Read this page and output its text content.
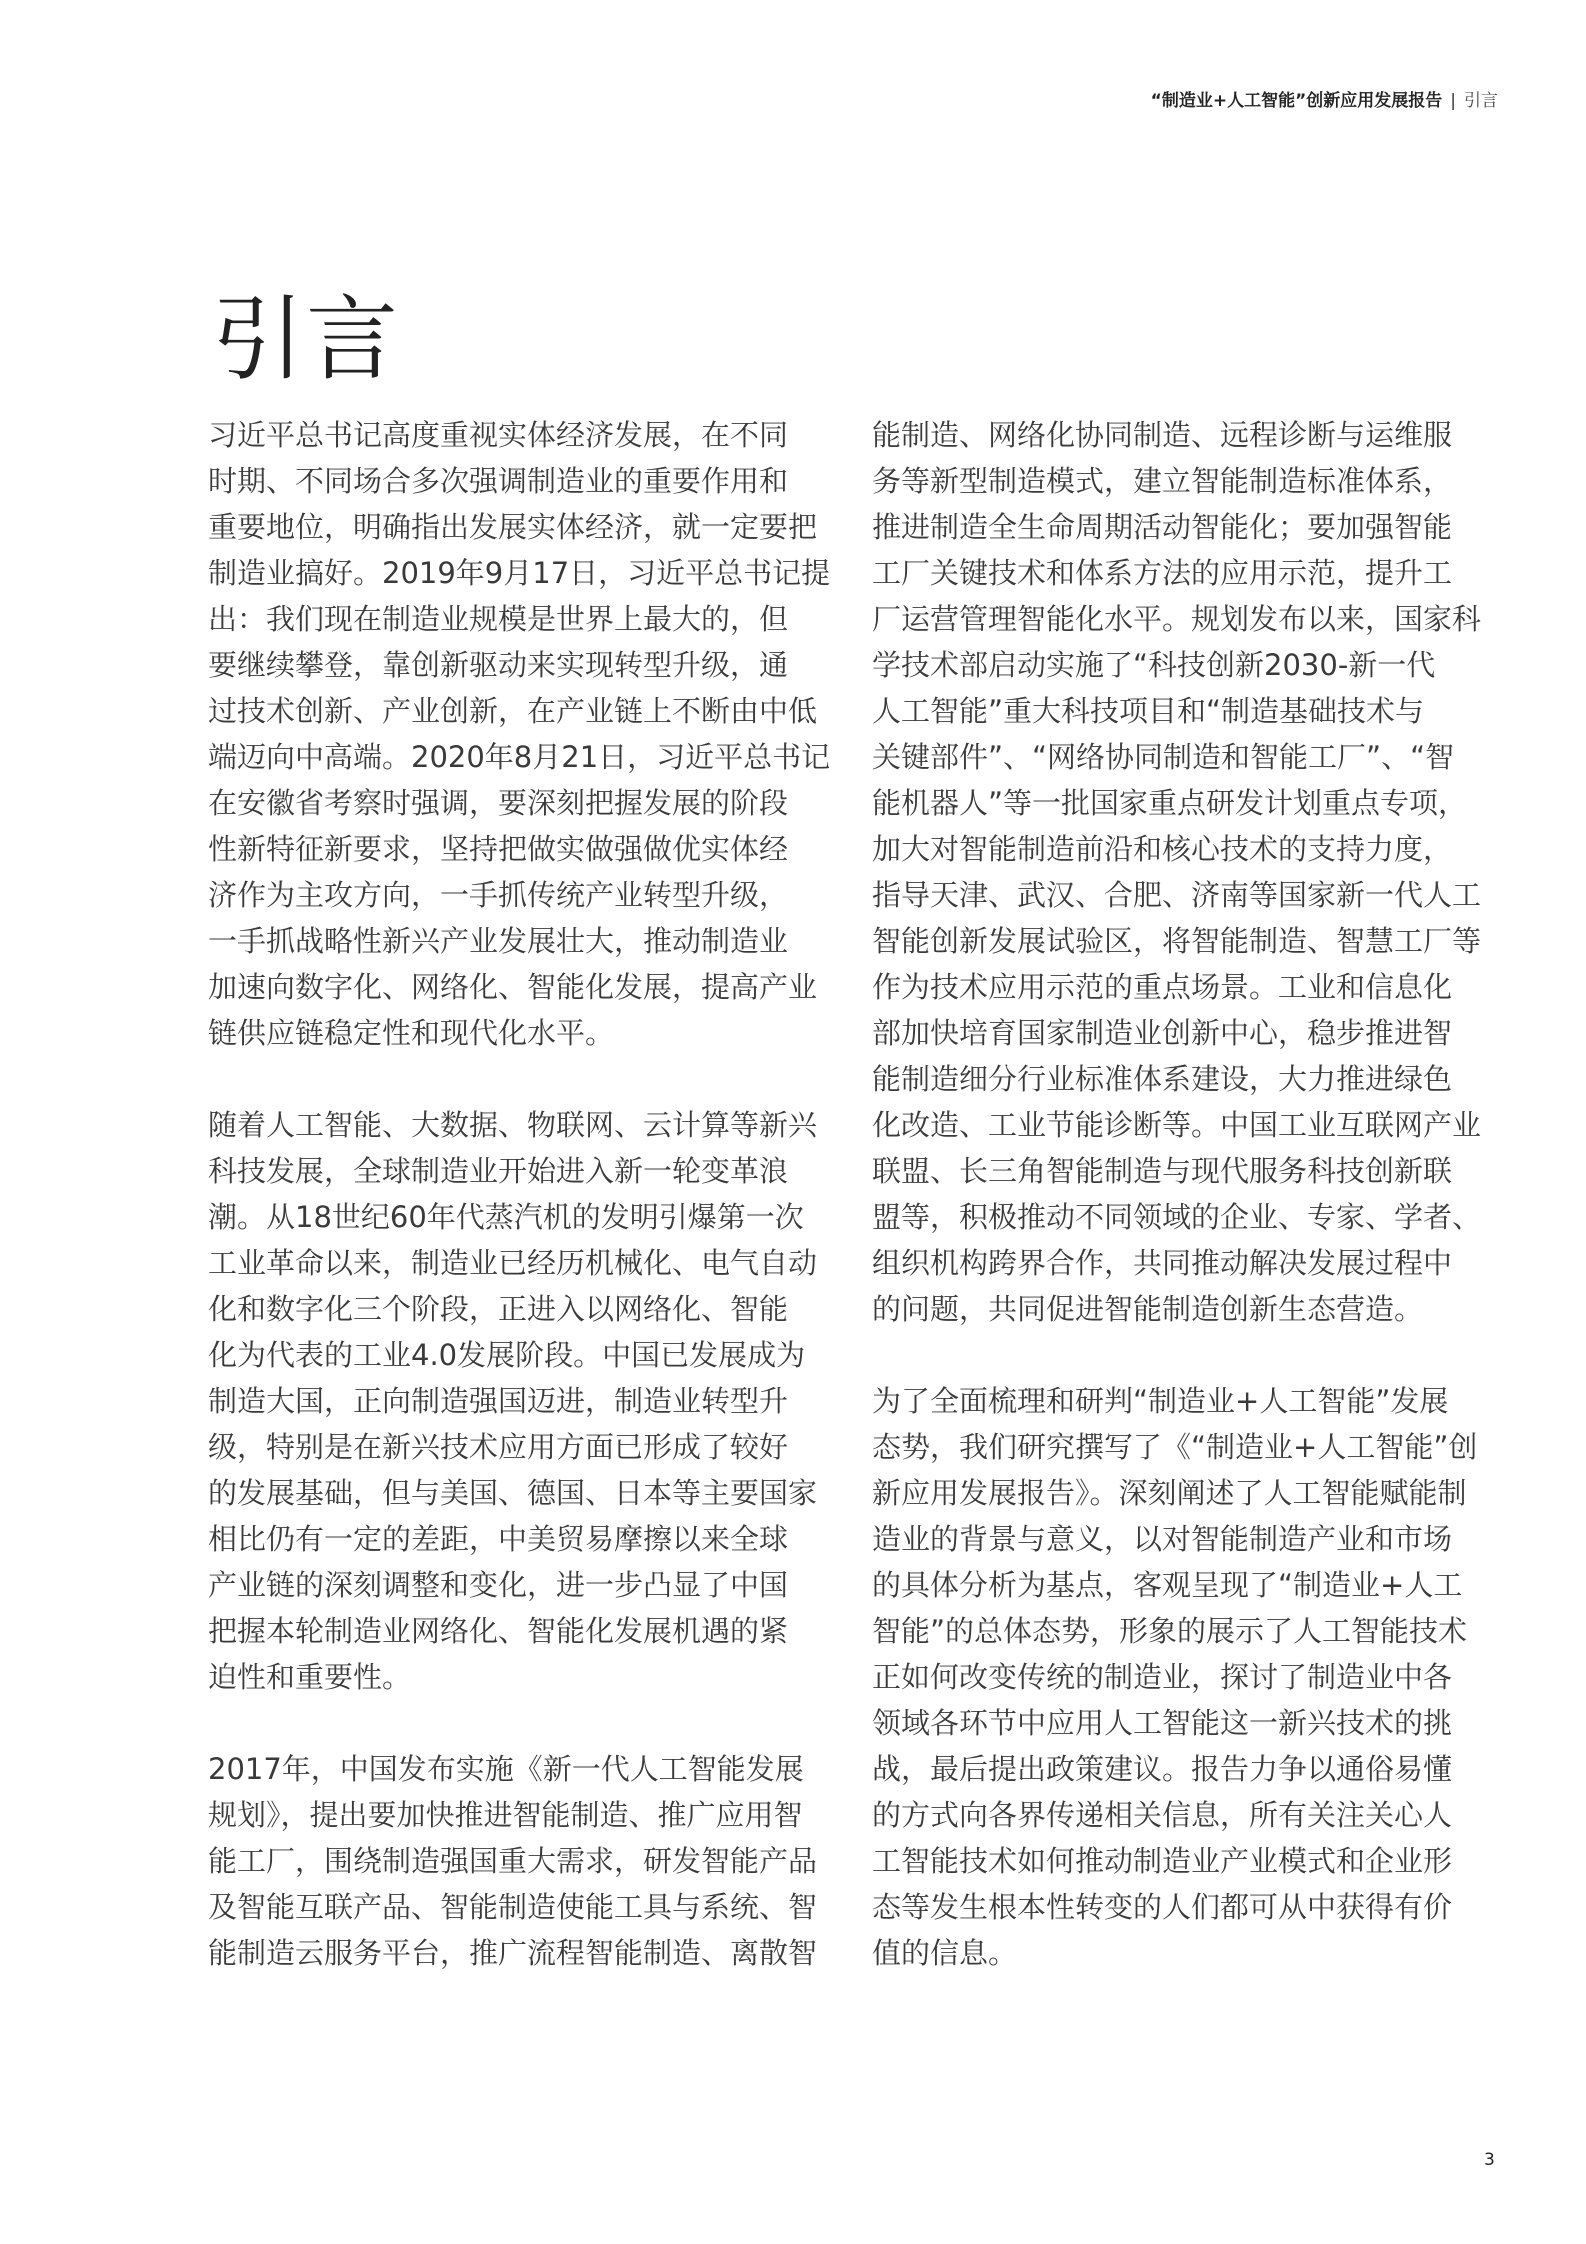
“制造业+人工智能”创新应用发展报告 | 引言
引言

习近平总书记高度重视实体经济发展，在不同
时期、不同场合多次强调制造业的重要作用和
重要地位，明确指出发展实体经济，就一定要把
制造业搞好。2019年9月17日，习近平总书记提
出：我们现在制造业规模是世界上最大的，但
要继续攀登，靠创新驱动来实现转型升级，通
过技术创新、产业创新，在产业链上不断由中低
端迈向中高端。2020年8月21日，习近平总书记
在安徽省考察时强调，要深刻把握发展的阶段
性新特征新要求，坚持把做实做强做优实体经
济作为主攻方向，一手抓传统产业转型升级，
一手抓战略性新兴产业发展壮大，推动制造业
加速向数字化、网络化、智能化发展，提高产业
链供应链稳定性和现代化水平。

随着人工智能、大数据、物联网、云计算等新兴
科技发展，全球制造业开始进入新一轮变革浪
潮。从18世纪60年代蒸汽机的发明引爆第一次
工业革命以来，制造业已经历机械化、电气自动
化和数字化三个阶段，正进入以网络化、智能
化为代表的工业4.0发展阶段。中国已发展成为
制造大国，正向制造强国迈进，制造业转型升
级，特别是在新兴技术应用方面已形成了较好
的发展基础，但与美国、德国、日本等主要国家
相比仍有一定的差距，中美贸易摩擦以来全球
产业链的深刻调整和变化，进一步凸显了中国
把握本轮制造业网络化、智能化发展机遇的紧
迫性和重要性。

2017年，中国发布实施《新一代人工智能发展
规划》，提出要加快推进智能制造、推广应用智
能工厂，围绕制造强国重大需求，研发智能产品
及智能互联产品、智能制造使能工具与系统、智
能制造云服务平台，推广流程智能制造、离散智

能制造、网络化协同制造、远程诊断与运维服
务等新型制造模式，建立智能制造标准体系，
推进制造全生命周期活动智能化；要加强智能
工厂关键技术和体系方法的应用示范，提升工
厂运营管理智能化水平。规划发布以来，国家科
学技术部启动实施了“科技创新2030-新一代
人工智能”重大科技项目和“制造基础技术与
关键部件”、“网络协同制造和智能工厂”、“智
能机器人”等一批国家重点研发计划重点专项，
加大对智能制造前沿和核心技术的支持力度，
指导天津、武汉、合肥、济南等国家新一代人工
智能创新发展试验区，将智能制造、智慧工厂等
作为技术应用示范的重点场景。工业和信息化
部加快培育国家制造业创新中心，稳步推进智
能制造细分行业标准体系建设，大力推进绿色
化改造、工业节能诊断等。中国工业互联网产业
联盟、长三角智能制造与现代服务科技创新联
盟等，积极推动不同领域的企业、专家、学者、
组织机构跨界合作，共同推动解决发展过程中
的问题，共同促进智能制造创新生态营造。

为了全面梳理和研判“制造业+人工智能”发展
态势，我们研究撰写了《“制造业+人工智能”创
新应用发展报告》。深刻阐述了人工智能赋能制
造业的背景与意义，以对智能制造产业和市场
的具体分析为基点，客观呈现了“制造业+人工
智能”的总体态势，形象的展示了人工智能技术
正如何改变传统的制造业，探讨了制造业中各
领域各环节中应用人工智能这一新兴技术的挑
战，最后提出政策建议。报告力争以通俗易懂
的方式向各界传递相关信息，所有关注关心人
工智能技术如何推动制造业产业模式和企业形
态等发生根本性转变的人们都可从中获得有价
值的信息。

3
